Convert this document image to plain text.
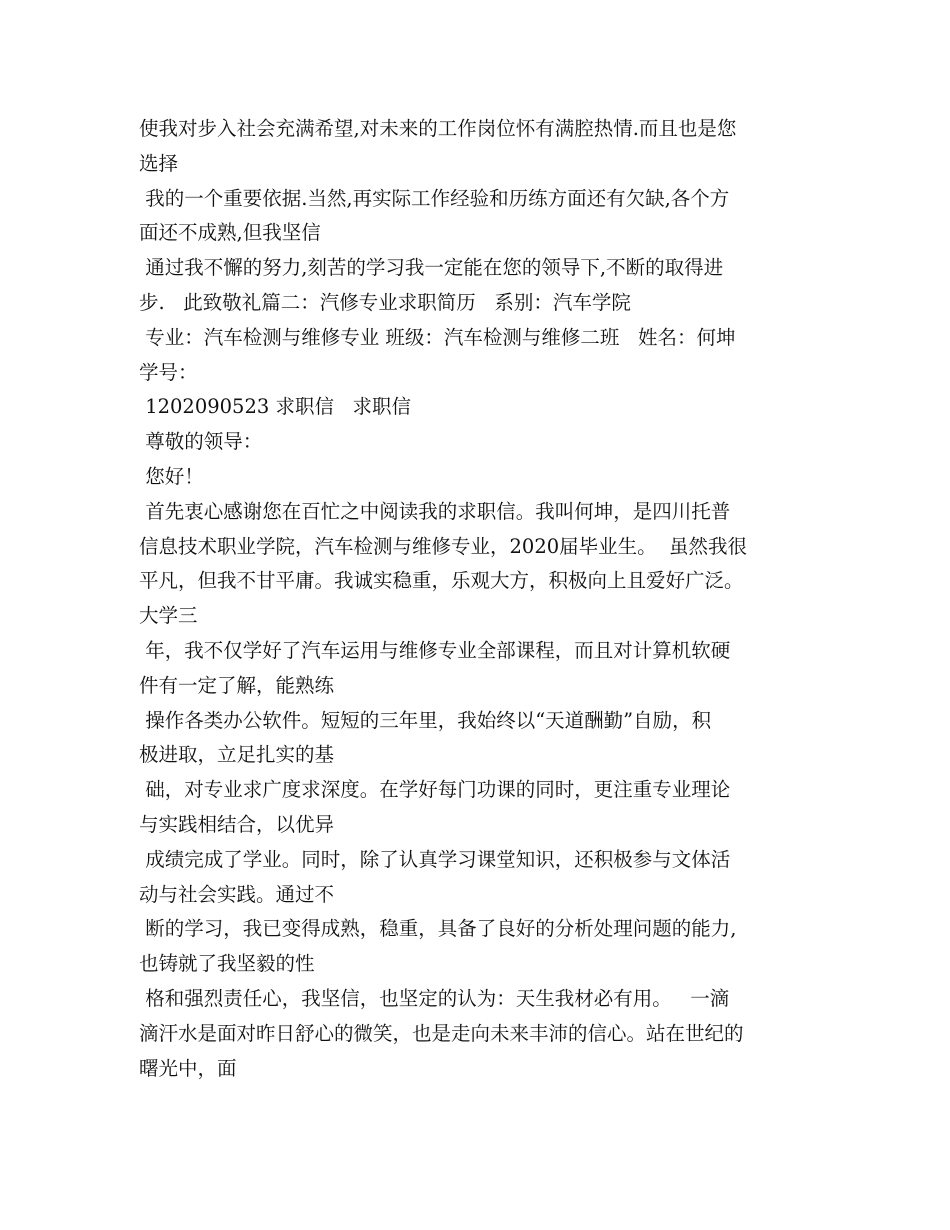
使我对步入社会充满希望,对未来的工作岗位怀有满腔热情.而且也是您
选择
我的一个重要依据.当然,再实际工作经验和历练方面还有欠缺,各个方
面还不成熟,但我坚信
通过我不懈的努力,刻苦的学习我一定能在您的领导下,不断的取得进
步.   此致敬礼篇二：汽修专业求职简历   系别：汽车学院
专业：汽车检测与维修专业 班级：汽车检测与维修二班   姓名：何坤
学号：
1202090523 求职信   求职信
尊敬的领导：
您好！
首先衷心感谢您在百忙之中阅读我的求职信。我叫何坤，是四川托普
信息技术职业学院，汽车检测与维修专业，2020届毕业生。  虽然我很
平凡，但我不甘平庸。我诚实稳重，乐观大方，积极向上且爱好广泛。
大学三
年，我不仅学好了汽车运用与维修专业全部课程，而且对计算机软硬
件有一定了解，能熟练
操作各类办公软件。短短的三年里，我始终以“天道酬勤”自励，积
极进取，立足扎实的基
础，对专业求广度求深度。在学好每门功课的同时，更注重专业理论
与实践相结合，以优异
成绩完成了学业。同时，除了认真学习课堂知识，还积极参与文体活
动与社会实践。通过不
断的学习，我已变得成熟，稳重，具备了良好的分析处理问题的能力,
也铸就了我坚毅的性
格和强烈责任心，我坚信，也坚定的认为：天生我材必有用。   一滴
滴汗水是面对昨日舒心的微笑，也是走向未来丰沛的信心。站在世纪的
曙光中，面
